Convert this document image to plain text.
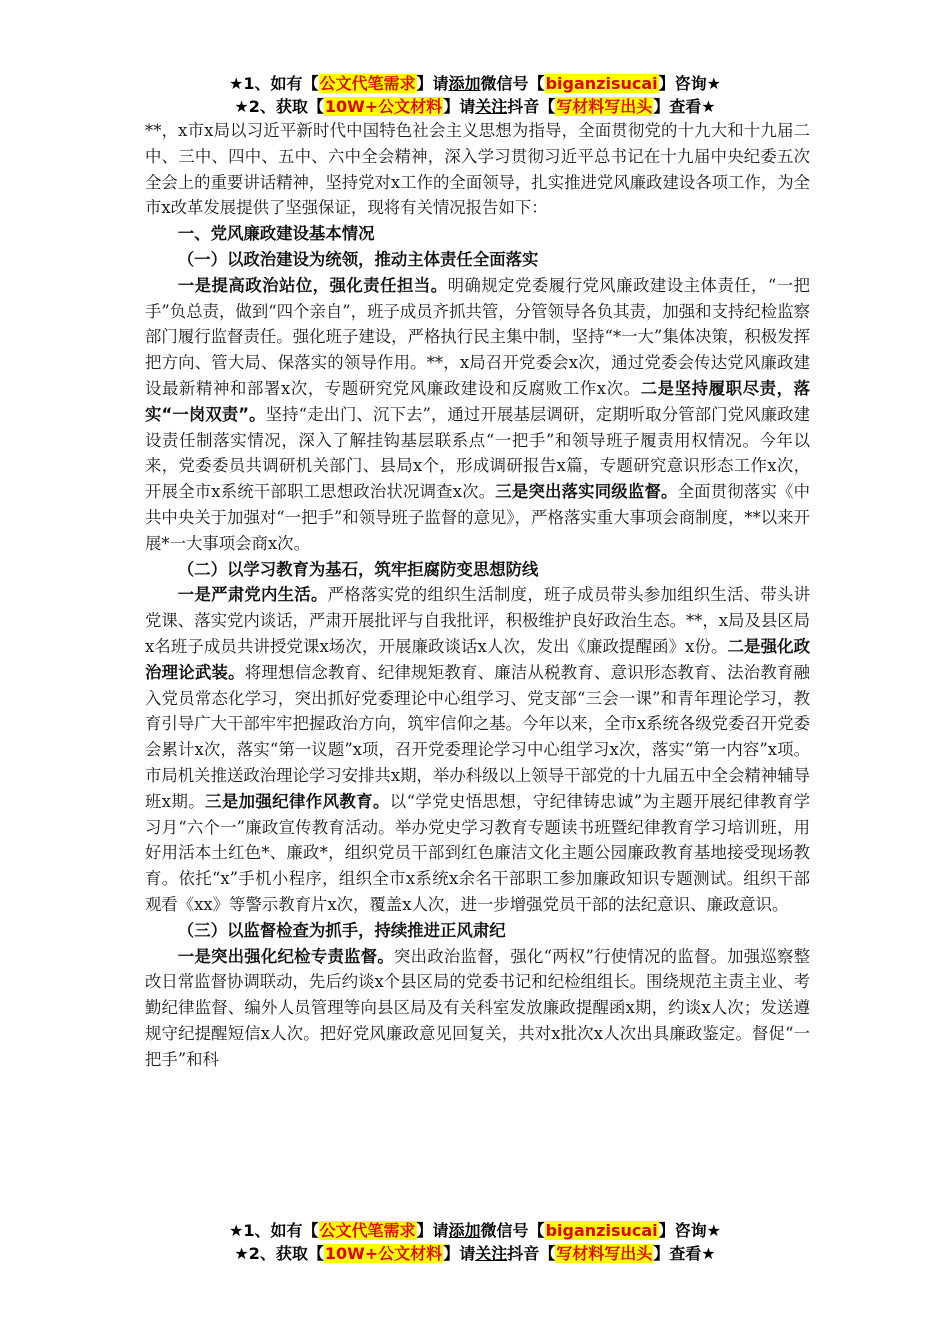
★1、如有【公文代笔需求】请添加微信号【biganzisucai】咨询★
★2、获取【10W+公文材料】请关注抖音【写材料写出头】查看★

**，x市x局以习近平新时代中国特色社会主义思想为指导，全面贯彻党的十九大和十九届二中、三中、四中、五中、六中全会精神，深入学习贯彻习近平总书记在十九届中央纪委五次全会上的重要讲话精神，坚持党对x工作的全面领导，扎实推进党风廉政建设各项工作，为全市x改革发展提供了坚强保证，现将有关情况报告如下：

一、党风廉政建设基本情况

（一）以政治建设为统领，推动主体责任全面落实

一是提高政治站位，强化责任担当。明确规定党委履行党风廉政建设主体责任，“一把手”负总责，做到“四个亲自”，班子成员齐抓共管，分管领导各负其责，加强和支持纪检监察部门履行监督责任。强化班子建设，严格执行民主集中制，坚持“*一大”集体决策，积极发挥把方向、管大局、保落实的领导作用。**，x局召开党委会x次，通过党委会传达党风廉政建设最新精神和部署x次，专题研究党风廉政建设和反腐败工作x次。二是坚持履职尽责，落实“一岗双责”。坚持“走出门、沉下去”，通过开展基层调研，定期听取分管部门党风廉政建设责任制落实情况，深入了解挂钩基层联系点“一把手”和领导班子履责用权情况。今年以来，党委委员共调研机关部门、县局x个，形成调研报告x篇，专题研究意识形态工作x次，开展全市x系统干部职工思想政治状况调查x次。三是突出落实同级监督。全面贯彻落实《中共中央关于加强对“一把手”和领导班子监督的意见》，严格落实重大事项会商制度，**以来开展*一大事项会商x次。

（二）以学习教育为基石，筑牢拒腐防变思想防线

一是严肃党内生活。严格落实党的组织生活制度，班子成员带头参加组织生活、带头讲党课、落实党内谈话，严肃开展批评与自我批评，积极维护良好政治生态。**，x局及县区局x名班子成员共讲授党课x场次，开展廉政谈话x人次，发出《廉政提醒函》x份。二是强化政治理论武装。将理想信念教育、纪律规矩教育、廉洁从税教育、意识形态教育、法治教育融入党员常态化学习，突出抓好党委理论中心组学习、党支部“三会一课”和青年理论学习，教育引导广大干部牢牢把握政治方向，筑牢信仰之基。今年以来，全市x系统各级党委召开党委会累计x次，落实“第一议题”x项，召开党委理论学习中心组学习x次，落实“第一内容”x项。市局机关推送政治理论学习安排共x期，举办科级以上领导干部党的十九届五中全会精神辅导班x期。三是加强纪律作风教育。以“学党史悟思想，守纪律铸忠诚”为主题开展纪律教育学习月“六个一”廉政宣传教育活动。举办党史学习教育专题读书班暨纪律教育学习培训班，用好用活本土红色*、廉政*，组织党员干部到红色廉洁文化主题公园廉政教育基地接受现场教育。依托“x”手机小程序，组织全市x系统x余名干部职工参加廉政知识专题测试。组织干部观看《xx》等警示教育片x次，覆盖x人次，进一步增强党员干部的法纪意识、廉政意识。

（三）以监督检查为抓手，持续推进正风肃纪

一是突出强化纪检专责监督。突出政治监督，强化“两权”行使情况的监督。加强巡察整改日常监督协调联动，先后约谈x个县区局的党委书记和纪检组组长。围绕规范主责主业、考勤纪律监督、编外人员管理等向县区局及有关科室发放廉政提醒函x期，约谈x人次；发送遵规守纪提醒短信x人次。把好党风廉政意见回复关，共对x批次x人次出具廉政鉴定。督促“一把手”和科

★1、如有【公文代笔需求】请添加微信号【biganzisucai】咨询★
★2、获取【10W+公文材料】请关注抖音【写材料写出头】查看★
